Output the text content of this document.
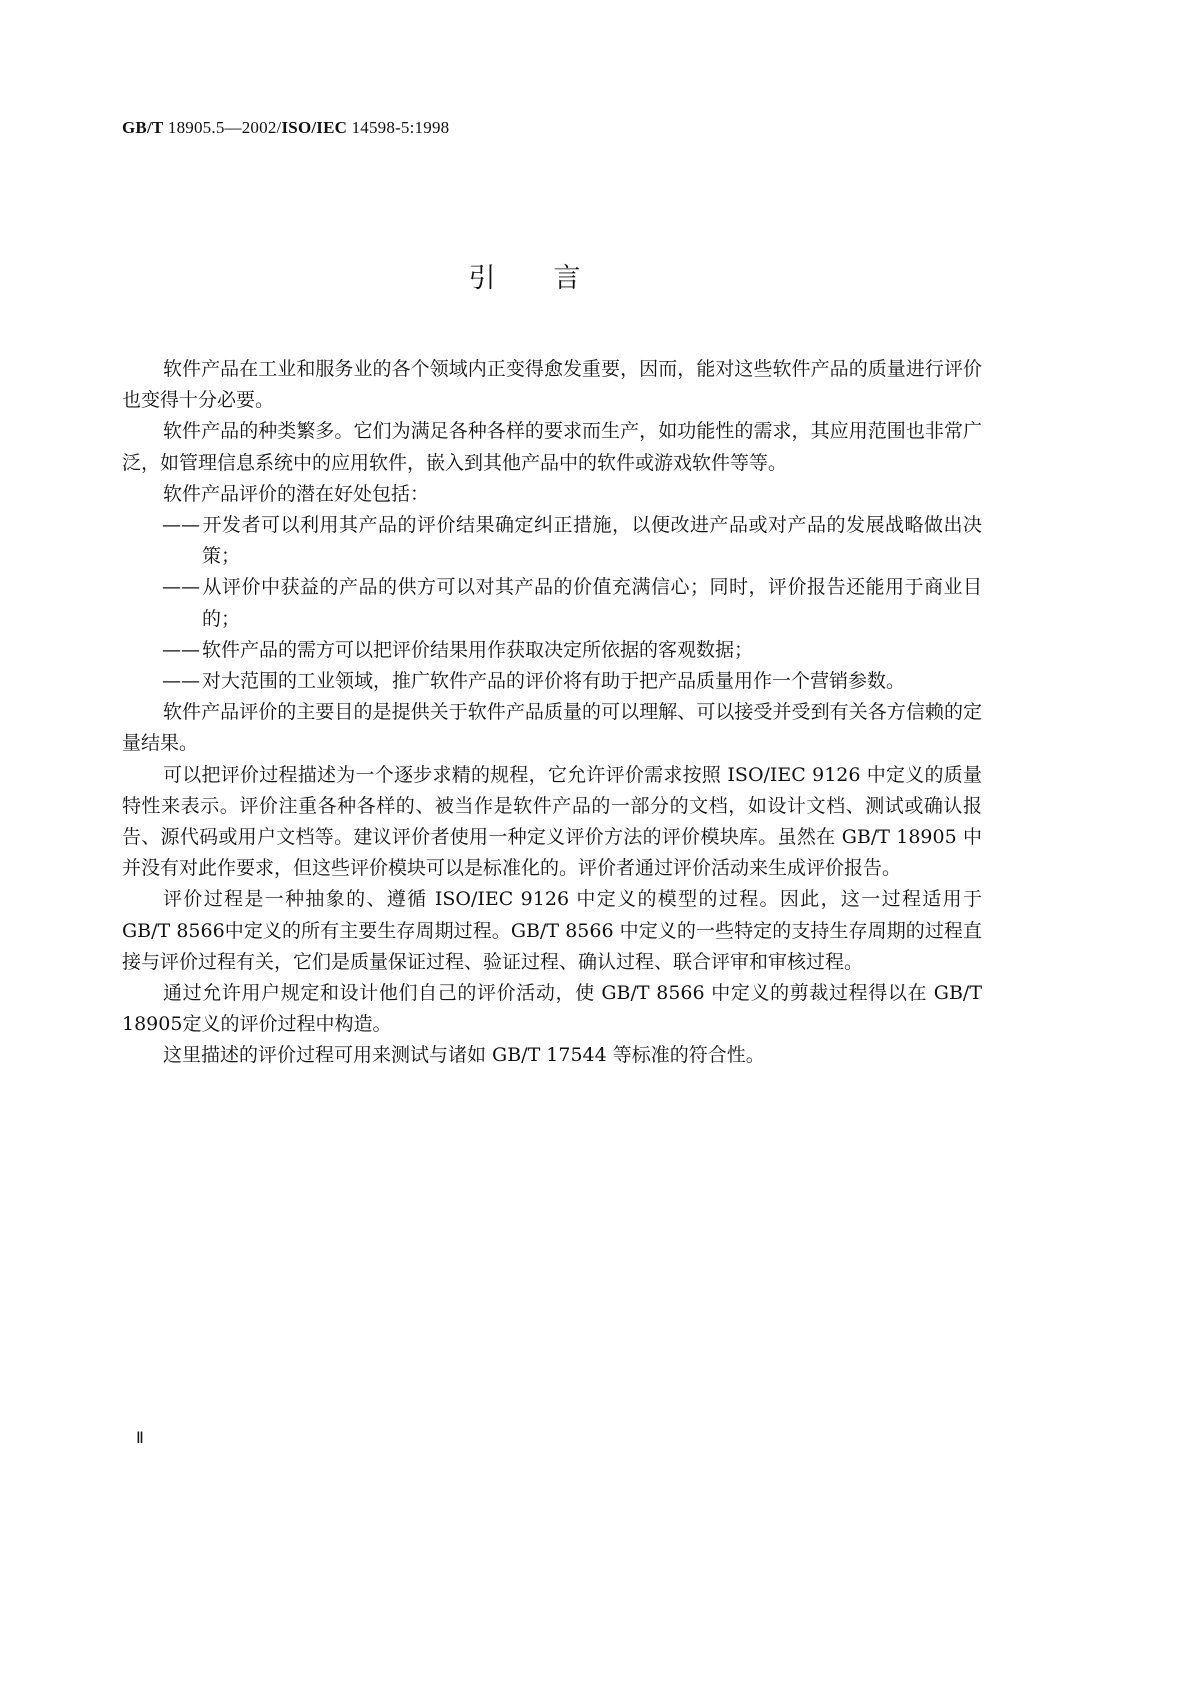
GB/T 18905.5—2002/ISO/IEC 14598-5:1998
引言

软件产品在工业和服务业的各个领域内正变得愈发重要，因而，能对这些软件产品的质量进行评价也变得十分必要。

软件产品的种类繁多。它们为满足各种各样的要求而生产，如功能性的需求，其应用范围也非常广泛，如管理信息系统中的应用软件，嵌入到其他产品中的软件或游戏软件等等。

软件产品评价的潜在好处包括：

—— 开发者可以利用其产品的评价结果确定纠正措施，以便改进产品或对产品的发展战略做出决策；

—— 从评价中获益的产品的供方可以对其产品的价值充满信心；同时，评价报告还能用于商业目的；

—— 软件产品的需方可以把评价结果用作获取决定所依据的客观数据；

—— 对大范围的工业领域，推广软件产品的评价将有助于把产品质量用作一个营销参数。

软件产品评价的主要目的是提供关于软件产品质量的可以理解、可以接受并受到有关各方信赖的定量结果。

可以把评价过程描述为一个逐步求精的规程，它允许评价需求按照 ISO/IEC 9126 中定义的质量特性来表示。评价注重各种各样的、被当作是软件产品的一部分的文档，如设计文档、测试或确认报告、源代码或用户文档等。建议评价者使用一种定义评价方法的评价模块库。虽然在 GB/T 18905 中并没有对此作要求，但这些评价模块可以是标准化的。评价者通过评价活动来生成评价报告。

评价过程是一种抽象的、遵循 ISO/IEC 9126 中定义的模型的过程。因此，这一过程适用于 GB/T 8566中定义的所有主要生存周期过程。GB/T 8566 中定义的一些特定的支持生存周期的过程直接与评价过程有关，它们是质量保证过程、验证过程、确认过程、联合评审和审核过程。

通过允许用户规定和设计他们自己的评价活动，使 GB/T 8566 中定义的剪裁过程得以在 GB/T 18905定义的评价过程中构造。

这里描述的评价过程可用来测试与诸如 GB/T 17544 等标准的符合性。

Ⅱ
